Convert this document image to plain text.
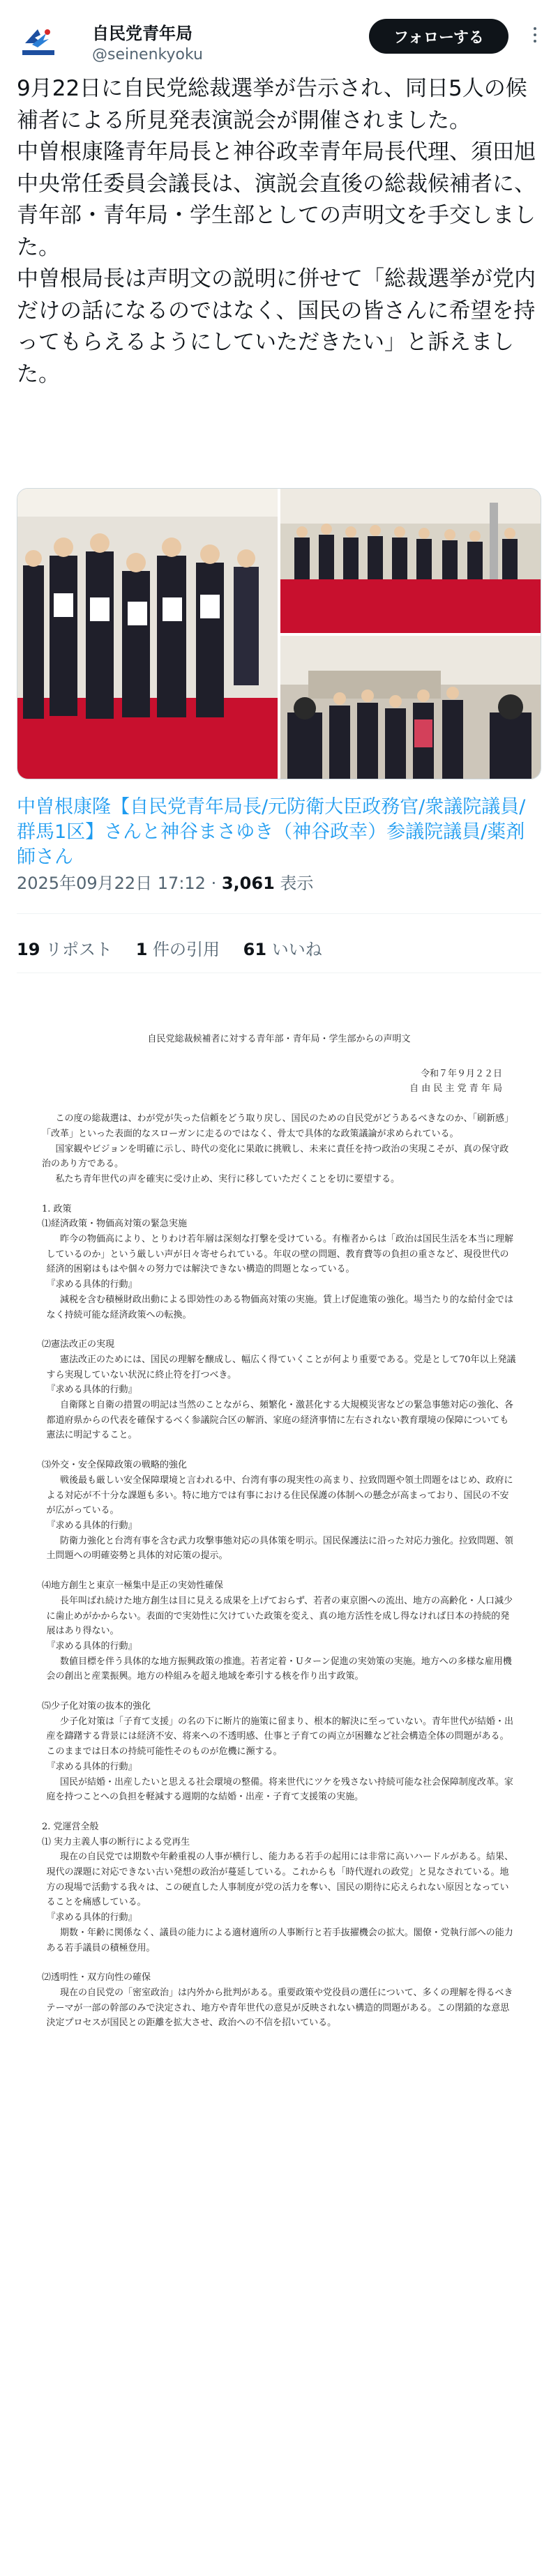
自民党青年局
@seinenkyoku
フォローする

9月22日に自民党総裁選挙が告示され、同日5人の候補者による所見発表演説会が開催されました。

中曽根康隆青年局長と神谷政幸青年局長代理、須田旭中央常任委員会議長は、演説会直後の総裁候補者に、青年部・青年局・学生部としての声明文を手交しました。

中曽根局長は声明文の説明に併せて「総裁選挙が党内だけの話になるのではなく、国民の皆さんに希望を持ってもらえるようにしていただきたい」と訴えました。

中曽根康隆【自民党青年局長/元防衛大臣政務官/衆議院議員/群馬1区】さんと神谷まさゆき（神谷政幸）参議院議員/薬剤師さん
2025年09月22日 17:12 · 3,061 表示
19 リポスト 1 件の引用 61 いいね
自民党総裁候補者に対する青年部・青年局・学生部からの声明文
令和７年９月２２日
自 由 民 主 党 青 年 局
この度の総裁選は、わが党が失った信頼をどう取り戻し、国民のための自民党がどうあるべきなのか、「刷新感」「改革」といった表面的なスローガンに走るのではなく、骨太で具体的な政策議論が求められている。
国家観やビジョンを明確に示し、時代の変化に果敢に挑戦し、未来に責任を持つ政治の実現こそが、真の保守政治のあり方である。
私たち青年世代の声を確実に受け止め、実行に移していただくことを切に要望する。
1. 政策
⑴経済政策・物価高対策の緊急実施
昨今の物価高により、とりわけ若年層は深刻な打撃を受けている。有権者からは「政治は国民生活を本当に理解しているのか」という厳しい声が日々寄せられている。年収の壁の問題、教育費等の負担の重さなど、現役世代の経済的困窮はもはや個々の努力では解決できない構造的問題となっている。
『求める具体的行動』
減税を含む積極財政出動による即効性のある物価高対策の実施。賃上げ促進策の強化。場当たり的な給付金ではなく持続可能な経済政策への転換。
⑵憲法改正の実現
憲法改正のためには、国民の理解を醸成し、幅広く得ていくことが何より重要である。党是として70年以上発議すら実現していない状況に終止符を打つべき。
『求める具体的行動』
自衛隊と自衛の措置の明記は当然のことながら、頻繁化・激甚化する大規模災害などの緊急事態対応の強化、各都道府県からの代表を確保するべく参議院合区の解消、家庭の経済事情に左右されない教育環境の保障についても憲法に明記すること。
⑶外交・安全保障政策の戦略的強化
戦後最も厳しい安全保障環境と言われる中、台湾有事の現実性の高まり、拉致問題や領土問題をはじめ、政府による対応が不十分な課題も多い。特に地方では有事における住民保護の体制への懸念が高まっており、国民の不安が広がっている。
『求める具体的行動』
防衛力強化と台湾有事を含む武力攻撃事態対応の具体策を明示。国民保護法に沿った対応力強化。拉致問題、領土問題への明確姿勢と具体的対応策の提示。
⑷地方創生と東京一極集中是正の実効性確保
長年叫ばれ続けた地方創生は目に見える成果を上げておらず、若者の東京圏への流出、地方の高齢化・人口減少に歯止めがかからない。表面的で実効性に欠けていた政策を変え、真の地方活性を成し得なければ日本の持続的発展はあり得ない。
『求める具体的行動』
数値目標を伴う具体的な地方振興政策の推進。若者定着・Uターン促進の実効策の実施。地方への多様な雇用機会の創出と産業振興。地方の枠組みを超え地域を牽引する核を作り出す政策。
⑸少子化対策の抜本的強化
少子化対策は「子育て支援」の名の下に断片的施策に留まり、根本的解決に至っていない。青年世代が結婚・出産を躊躇する背景には経済不安、将来への不透明感、仕事と子育ての両立が困難など社会構造全体の問題がある。このままでは日本の持続可能性そのものが危機に瀕する。
『求める具体的行動』
国民が結婚・出産したいと思える社会環境の整備。将来世代にツケを残さない持続可能な社会保障制度改革。家庭を持つことへの負担を軽減する週期的な結婚・出産・子育て支援策の実施。
2. 党運営全般
⑴ 実力主義人事の断行による党再生
現在の自民党では期数や年齢重視の人事が横行し、能力ある若手の起用には非常に高いハードルがある。結果、現代の課題に対応できない古い発想の政治が蔓延している。これからも「時代遅れの政党」と見なされている。地方の現場で活動する我々は、この硬直した人事制度が党の活力を奪い、国民の期待に応えられない原因となっていることを痛感している。
『求める具体的行動』
期数・年齢に関係なく、議員の能力による適材適所の人事断行と若手抜擢機会の拡大。閣僚・党執行部への能力ある若手議員の積極登用。
⑵透明性・双方向性の確保
現在の自民党の「密室政治」は内外から批判がある。重要政策や党役員の選任について、多くの理解を得るべきテーマが一部の幹部のみで決定され、地方や青年世代の意見が反映されない構造的問題がある。この閉鎖的な意思決定プロセスが国民との距離を拡大させ、政治への不信を招いている。
